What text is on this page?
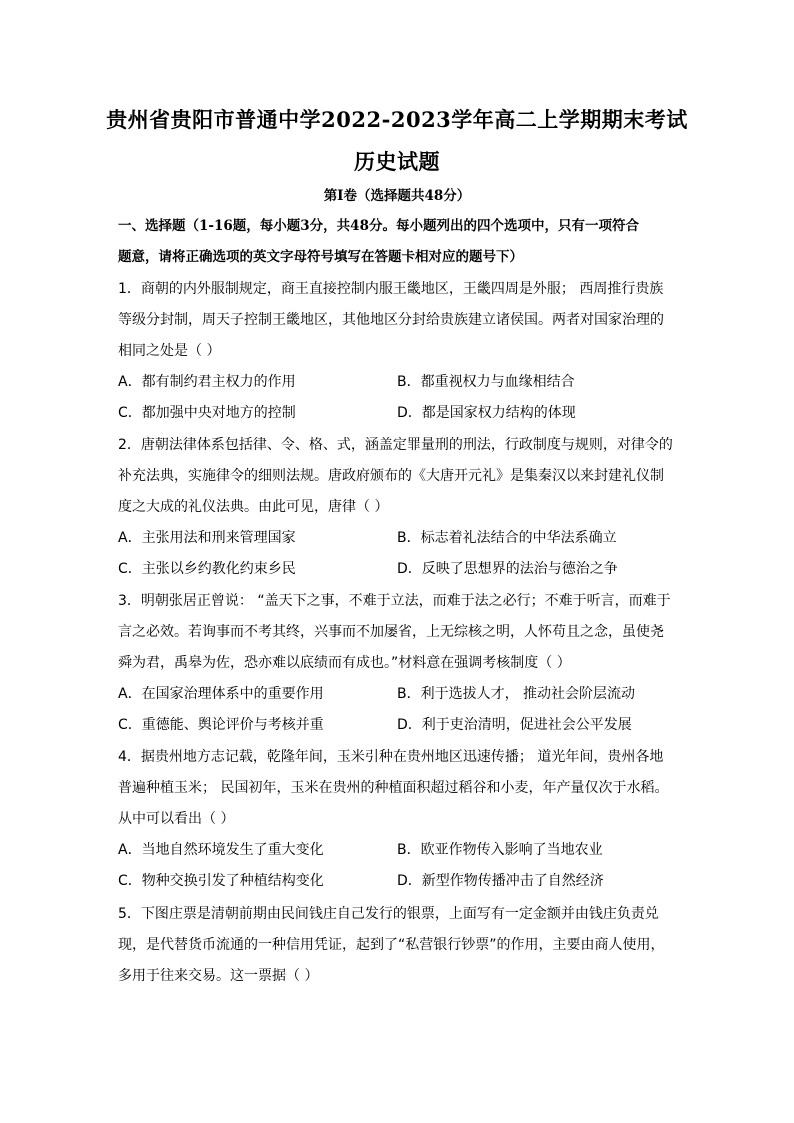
贵州省贵阳市普通中学2022-2023学年高二上学期期末考试
历史试题
第I卷（选择题共48分）
一、选择题（1-16题，每小题3分，共48分。每小题列出的四个选项中，只有一项符合
题意，请将正确选项的英文字母符号填写在答题卡相对应的题号下）
1．商朝的内外服制规定，商王直接控制内服王畿地区，王畿四周是外服； 西周推行贵族
等级分封制，周天子控制王畿地区，其他地区分封给贵族建立诸侯国。两者对国家治理的
相同之处是（ ）
A．都有制约君主权力的作用	B．都重视权力与血缘相结合
C．都加强中央对地方的控制	D．都是国家权力结构的体现
2．唐朝法律体系包括律、令、格、式，涵盖定罪量刑的刑法，行政制度与规则，对律令的
补充法典，实施律令的细则法规。唐政府颁布的《大唐开元礼》是集秦汉以来封建礼仪制
度之大成的礼仪法典。由此可见，唐律（ ）
A．主张用法和刑来管理国家	B．标志着礼法结合的中华法系确立
C．主张以乡约教化约束乡民	D．反映了思想界的法治与德治之争
3．明朝张居正曾说： “盖天下之事，不难于立法，而难于法之必行；不难于听言，而难于
言之必效。若询事而不考其终，兴事而不加屡省，上无综核之明，人怀苟且之念，虽使尧
舜为君，禹皋为佐，恐亦难以底绩而有成也。”材料意在强调考核制度（ ）
A．在国家治理体系中的重要作用	B．利于选拔人才， 推动社会阶层流动
C．重德能、舆论评价与考核并重	D．利于吏治清明，促进社会公平发展
4．据贵州地方志记载，乾隆年间，玉米引种在贵州地区迅速传播； 道光年间，贵州各地
普遍种植玉米； 民国初年，玉米在贵州的种植面积超过稻谷和小麦，年产量仅次于水稻。
从中可以看出（ ）
A．当地自然环境发生了重大变化	B．欧亚作物传入影响了当地农业
C．物种交换引发了种植结构变化	D．新型作物传播冲击了自然经济
5．下图庄票是清朝前期由民间钱庄自己发行的银票，上面写有一定金额并由钱庄负责兑
现，是代替货币流通的一种信用凭证，起到了“私营银行钞票”的作用，主要由商人使用，
多用于往来交易。这一票据（ ）
